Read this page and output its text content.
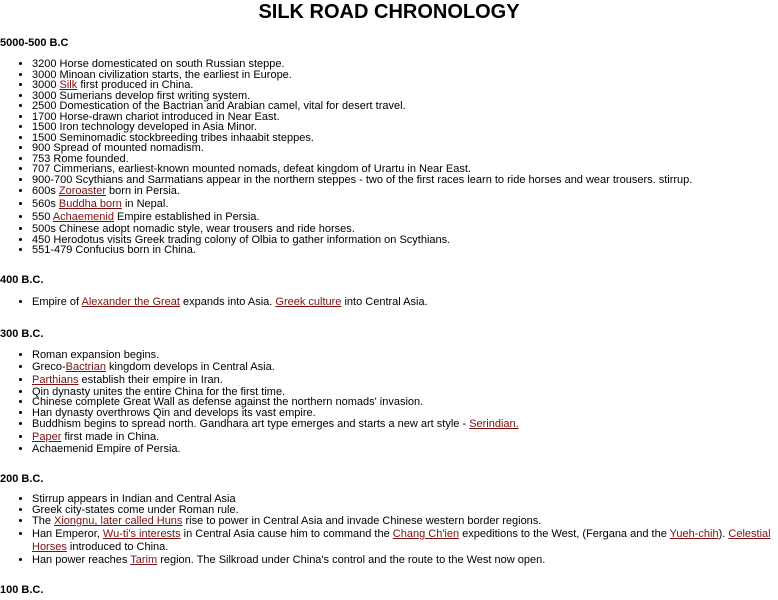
SILK ROAD CHRONOLOGY
5000-500 B.C
• 3200 Horse domesticated on south Russian steppe.
• 3000 Minoan civilization starts, the earliest in Europe.
• 3000 Silk first produced in China.
• 3000 Sumerians develop first writing system.
• 2500 Domestication of the Bactrian and Arabian camel, vital for desert travel.
• 1700 Horse-drawn chariot introduced in Near East.
• 1500 Iron technology developed in Asia Minor.
• 1500 Seminomadic stockbreeding tribes inhaabit steppes.
• 900 Spread of mounted nomadism.
• 753 Rome founded.
• 707 Cimmerians, earliest-known mounted nomads, defeat kingdom of Urartu in Near East.
• 900-700 Scythians and Sarmatians appear in the northern steppes - two of the first races learn to ride horses and wear trousers. stirrup.
• 600s Zoroaster born in Persia.
• 560s Buddha born in Nepal.
• 550 Achaemenid Empire established in Persia.
• 500s Chinese adopt nomadic style, wear trousers and ride horses.
• 450 Herodotus visits Greek trading colony of Olbia to gather information on Scythians.
• 551-479 Confucius born in China.
400 B.C.
• Empire of Alexander the Great expands into Asia. Greek culture into Central Asia.
300 B.C.
• Roman expansion begins.
• Greco-Bactrian kingdom develops in Central Asia.
• Parthians establish their empire in Iran.
• Qin dynasty unites the entire China for the first time.
• Chinese complete Great Wall as defense against the northern nomads' invasion.
• Han dynasty overthrows Qin and develops its vast empire.
• Buddhism begins to spread north. Gandhara art type emerges and starts a new art style - Serindian.
• Paper first made in China.
• Achaemenid Empire of Persia.
200 B.C.
• Stirrup appears in Indian and Central Asia
• Greek city-states come under Roman rule.
• The Xiongnu, later called Huns rise to power in Central Asia and invade Chinese western border regions.
• Han Emperor, Wu-ti's interests in Central Asia cause him to command the Chang Ch'ien expeditions to the West, (Fergana and the Yueh-chih). Celestial Horses introduced to China.
• Han power reaches Tarim region. The Silkroad under China's control and the route to the West now open.
100 B.C.
